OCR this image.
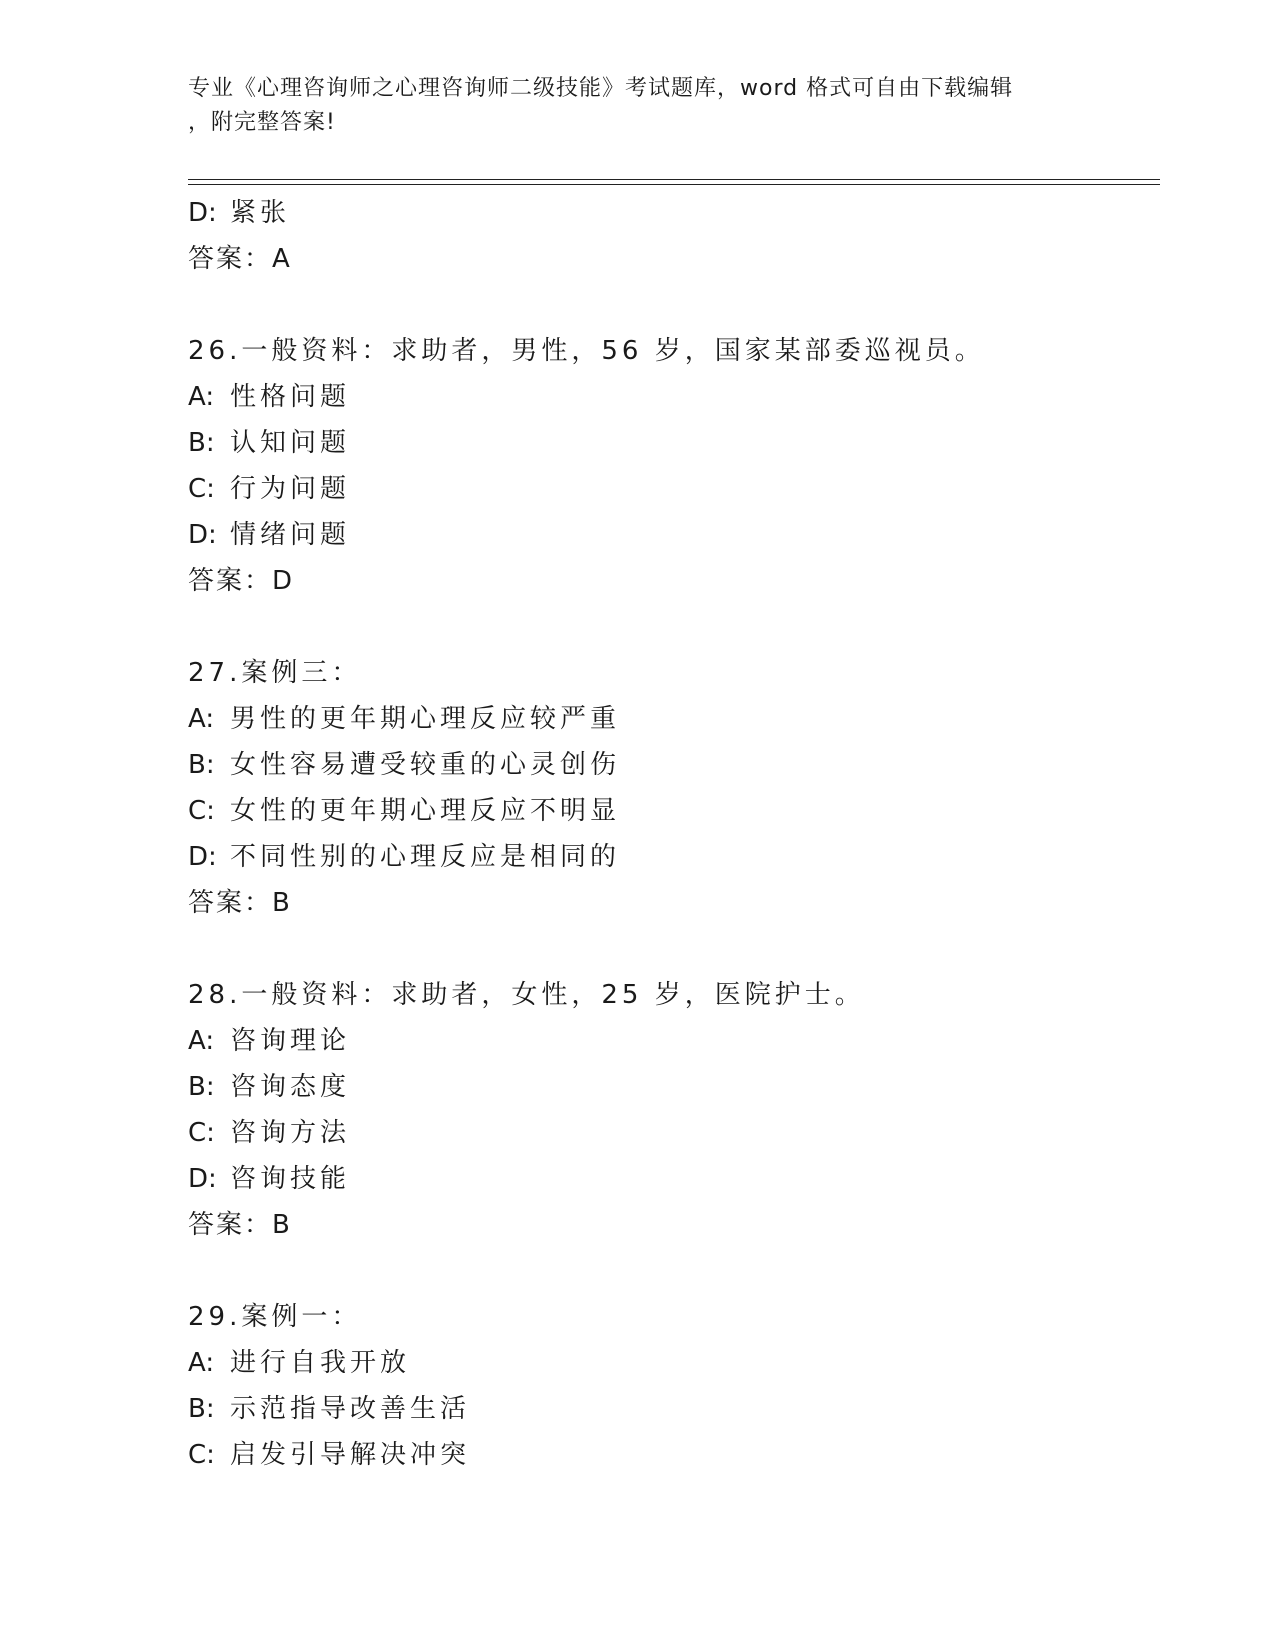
专业《心理咨询师之心理咨询师二级技能》考试题库，word 格式可自由下载编辑
，附完整答案!
D: 紧张
答案：A
26.一般资料：求助者，男性，56 岁，国家某部委巡视员。
A: 性格问题
B: 认知问题
C: 行为问题
D: 情绪问题
答案：D
27.案例三：
A: 男性的更年期心理反应较严重
B: 女性容易遭受较重的心灵创伤
C: 女性的更年期心理反应不明显
D: 不同性别的心理反应是相同的
答案：B
28.一般资料：求助者，女性，25 岁，医院护士。
A: 咨询理论
B: 咨询态度
C: 咨询方法
D: 咨询技能
答案：B
29.案例一：
A: 进行自我开放
B: 示范指导改善生活
C: 启发引导解决冲突
